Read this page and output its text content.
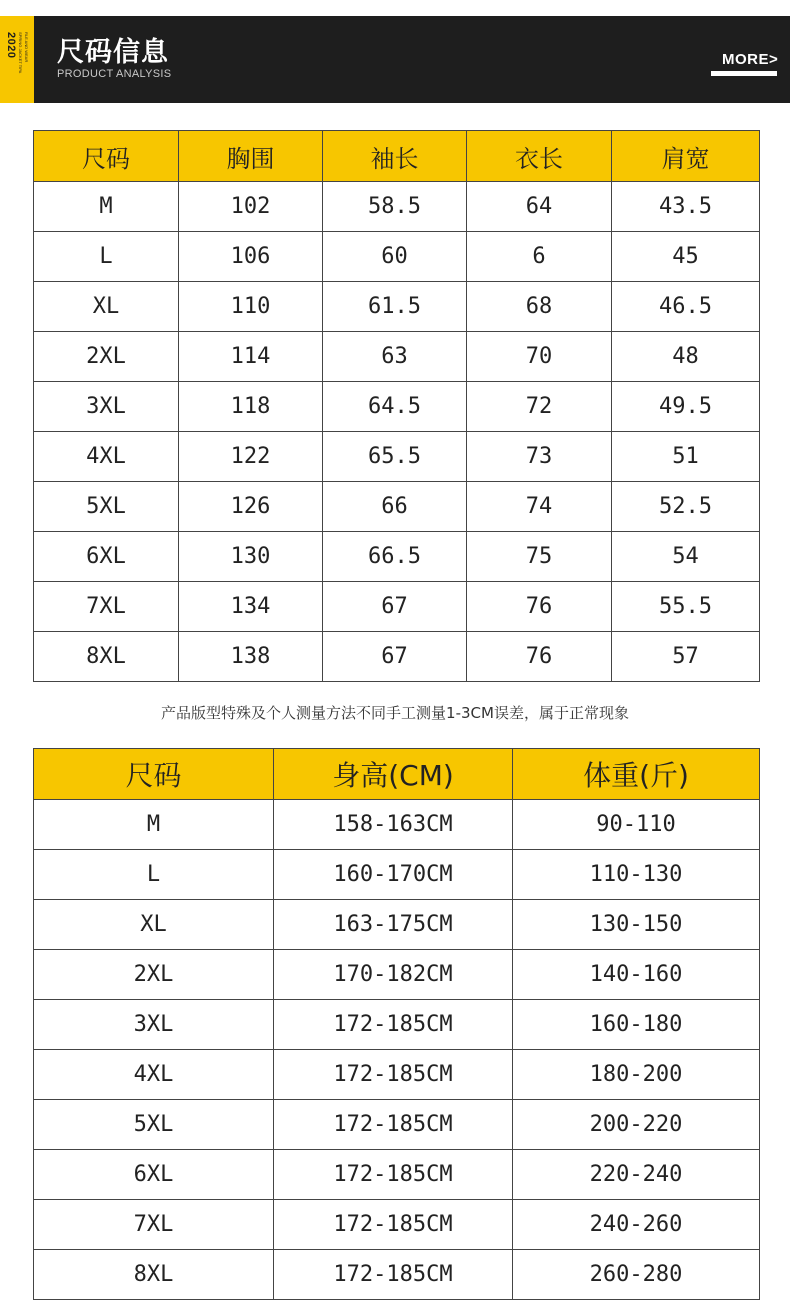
2020 SPRING JACKET TIPA RLE AND WEAR 尺码信息
PRODUCT ANALYSIS
MORE>
尺码	胸围	袖长	衣长	肩宽
M	102	58.5	64	43.5
L	106	60	6	45
XL	110	61.5	68	46.5
2XL	114	63	70	48
3XL	118	64.5	72	49.5
4XL	122	65.5	73	51
5XL	126	66	74	52.5
6XL	130	66.5	75	54
7XL	134	67	76	55.5
8XL	138	67	76	57
产品版型特殊及个人测量方法不同手工测量1-3CM误差，属于正常现象
尺码	身高(CM)	体重(斤)
M	158-163CM	90-110
L	160-170CM	110-130
XL	163-175CM	130-150
2XL	170-182CM	140-160
3XL	172-185CM	160-180
4XL	172-185CM	180-200
5XL	172-185CM	200-220
6XL	172-185CM	220-240
7XL	172-185CM	240-260
8XL	172-185CM	260-280
